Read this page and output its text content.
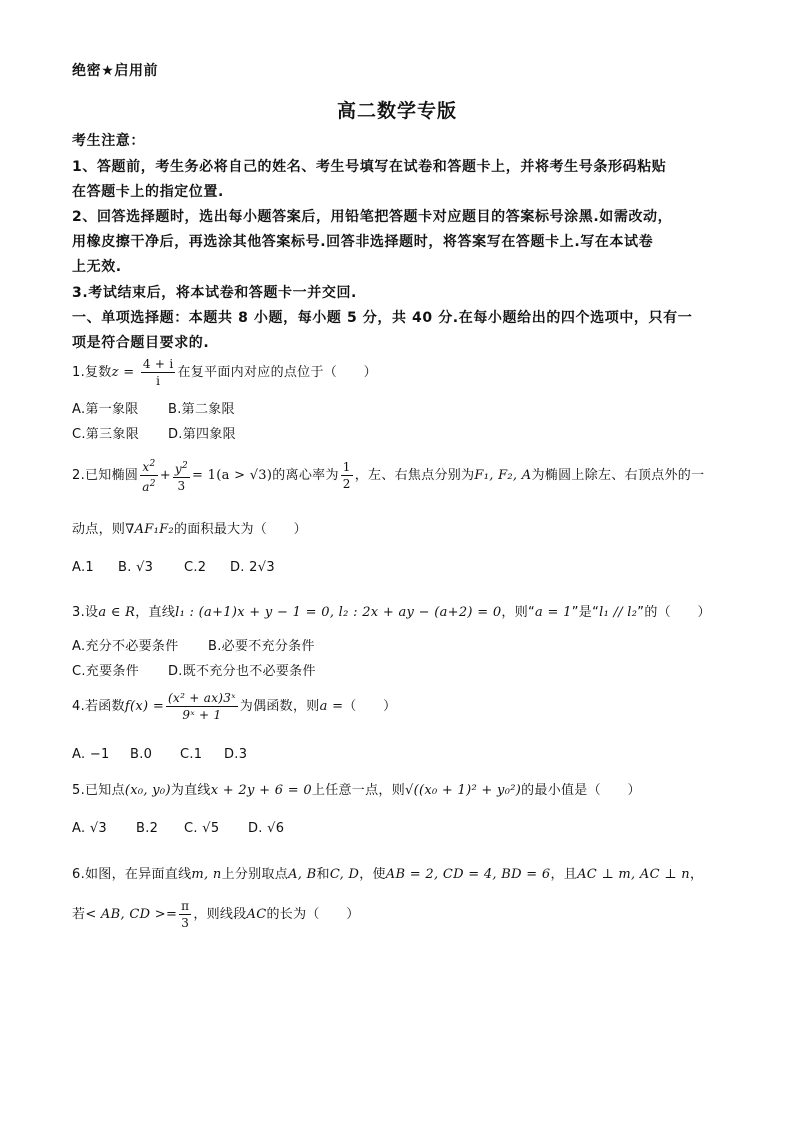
绝密★启用前
高二数学专版
考生注意：
1、答题前，考生务必将自己的姓名、考生号填写在试卷和答题卡上，并将考生号条形码粘贴
在答题卡上的指定位置.
2、回答选择题时，选出每小题答案后，用铅笔把答题卡对应题目的答案标号涂黑.如需改动，
用橡皮擦干净后，再选涂其他答案标号.回答非选择题时，将答案写在答题卡上.写在本试卷
上无效.
3.考试结束后，将本试卷和答题卡一并交回.
一、单项选择题：本题共 8 小题，每小题 5 分，共 40 分.在每小题给出的四个选项中，只有一
项是符合题目要求的.
1.复数$z = \frac{4 + i}{i}$ 在复平面内对应的点位于（　　）
A.第一象限 B.第二象限
C.第三象限 D.第四象限
2.已知椭圆 $\frac{x^2}{a^2} + \frac{y^2}{3} = 1(a > √3)$的离心率为 $\frac{1}{2}$ ，左、右焦点分别为F₁, F₂, A为椭圆上除左、右顶点外的一
动点，则∇AF₁F₂的面积最大为（　　）
A.1 B. √3 C.2 D. 2√3
3.设a ∈ R，直线l₁ : (a+1)x + y − 1 = 0, l₂ : 2x + ay − (a+2) = 0，则“a = 1”是“l₁ // l₂”的（　　）
A.充分不必要条件 B.必要不充分条件
C.充要条件 D.既不充分也不必要条件
4.若函数$f(x) = \frac{\text{(x² + ax)3ˣ}}{\text{9ˣ + 1}}$ 为偶函数，则a =（　　）
A. −1 B.0 C.1 D.3
5.已知点(x₀, y₀)为直线x + 2y + 6 = 0上任意一点，则√((x₀ + 1)² + y₀²)的最小值是（　　）
A. √3 B.2 C. √5 D. √6
6.如图，在异面直线m, n上分别取点A, B和C, D，使AB = 2, CD = 4, BD = 6，且AC ⊥ m, AC ⊥ n，
若< AB, CD >= $\frac{\pi}{3}$ ，则线段AC的长为（　　）
